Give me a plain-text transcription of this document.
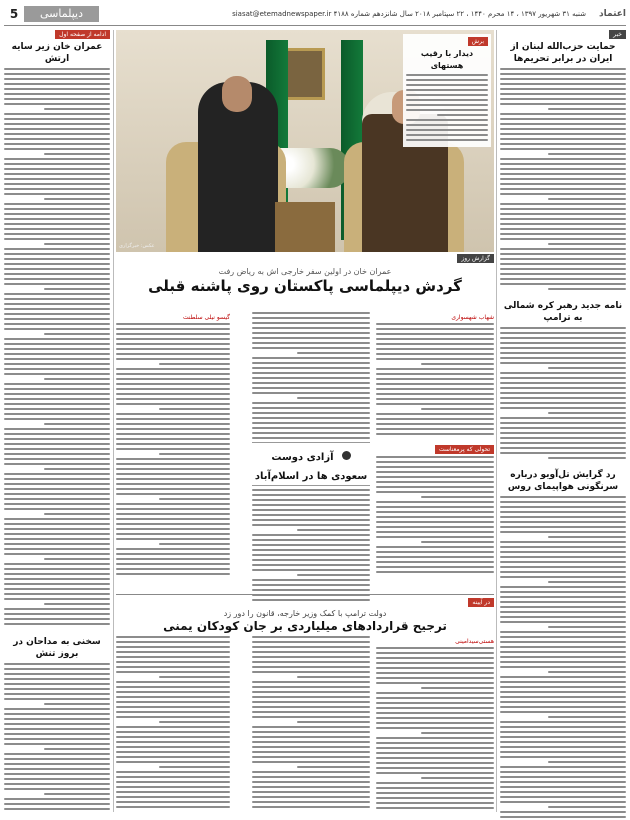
اعتماد
شنبه ۳۱ شهریور ۱۳۹۷ ، ۱۴ محرم ۱۴۴۰ ، ۲۲ سپتامبر ۲۰۱۸ سال شانزدهم شماره ۴۱۸۸ siasat@etemadnewspaper.ir
دیپلماسی
5
خبر
حمایت حزب‌الله لبنان از ایران در برابر تحریم‌ها
نامه جدید رهبر کره شمالی به ترامپ
رد گرایش تل‌آویو درباره سرنگونی هواپیمای روس
ادامه از صفحه اول
عمران خان زیر سایه ارتش
سخنی به مداحان در بروز تنش
عکس: خبرگزاری
برش
دیدار با رقیب هستهای
گزارش روز
عمران خان در اولین سفر خارجی اش به ریاض رفت
گردش دیپلماسی پاکستان روی پاشنه قبلی
شهاب شهسواری
تحولی که پرمعناست
گیسو نیلی سلطنت
آزادی دوست سعودی ها در اسلام‌آباد
در آیینه
دولت ترامپ با کمک وزیر خارجه، قانون را دور زد
ترجیح قراردادهای میلیاردی بر جان کودکان یمنی
هستی‌سیدامینی
